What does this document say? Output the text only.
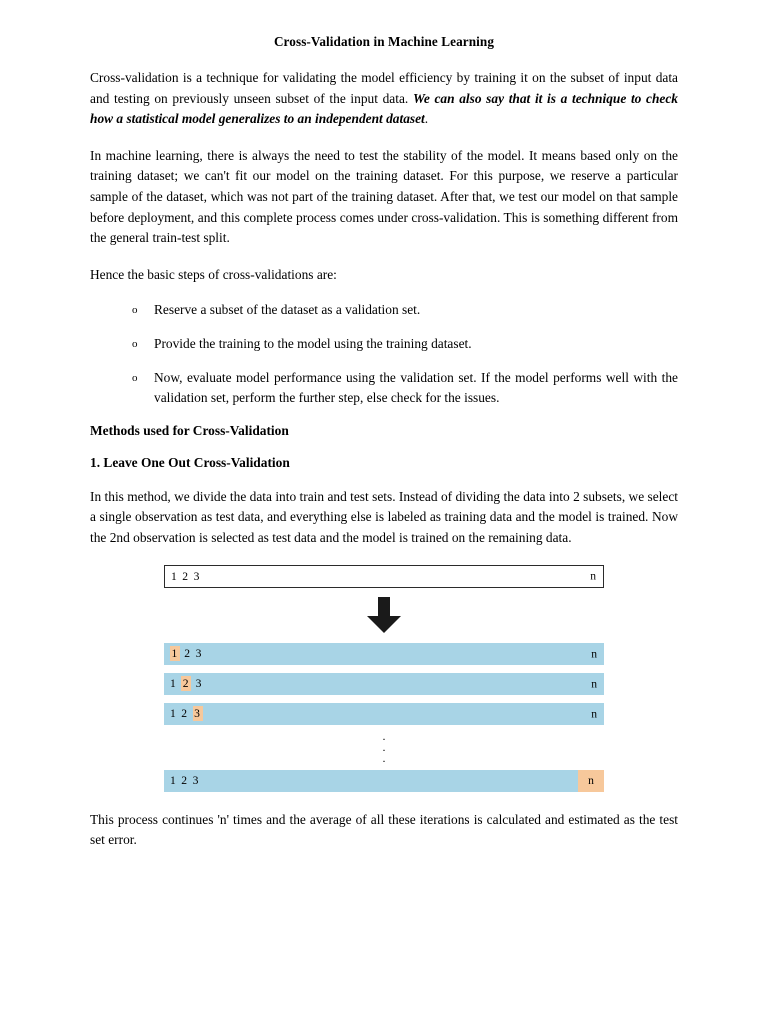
Cross-Validation in Machine Learning

Cross-validation is a technique for validating the model efficiency by training it on the subset of input data and testing on previously unseen subset of the input data. We can also say that it is a technique to check how a statistical model generalizes to an independent dataset.

In machine learning, there is always the need to test the stability of the model. It means based only on the training dataset; we can't fit our model on the training dataset. For this purpose, we reserve a particular sample of the dataset, which was not part of the training dataset. After that, we test our model on that sample before deployment, and this complete process comes under cross-validation. This is something different from the general train-test split.

Hence the basic steps of cross-validations are:

o Reserve a subset of the dataset as a validation set.
o Provide the training to the model using the training dataset.
o Now, evaluate model performance using the validation set. If the model performs well with the validation set, perform the further step, else check for the issues.
Methods used for Cross-Validation
1. Leave One Out Cross-Validation

In this method, we divide the data into train and test sets. Instead of dividing the data into 2 subsets, we select a single observation as test data, and everything else is labeled as training data and the model is trained. Now the 2nd observation is selected as test data and the model is trained on the remaining data.

1 2 3	n
1 2 3	n
1 2 3	n
1 2 3	n
.
.
.
1 2 3	n

This process continues 'n' times and the average of all these iterations is calculated and estimated as the test set error.
